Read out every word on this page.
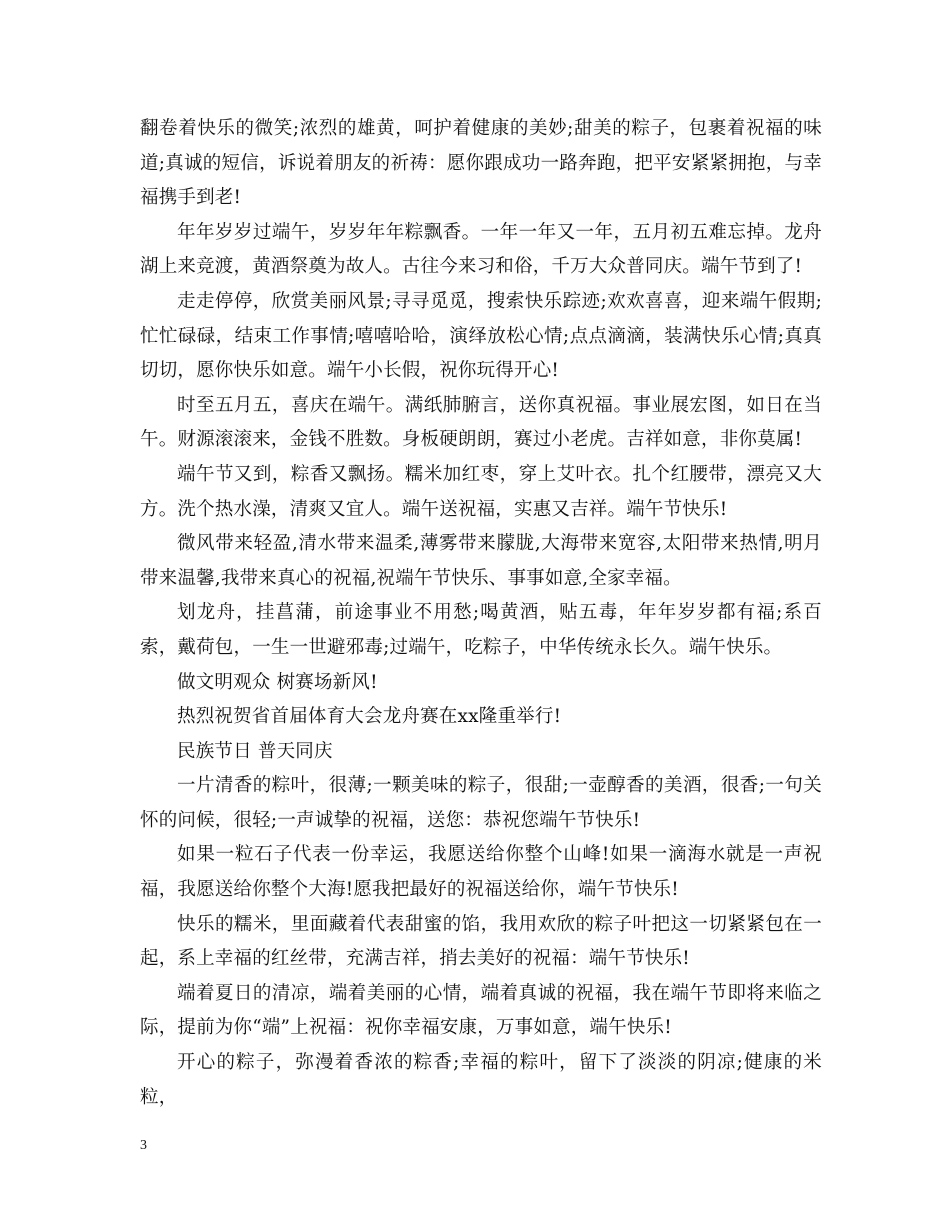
翻卷着快乐的微笑;浓烈的雄黄，呵护着健康的美妙;甜美的粽子，包裹着祝福的味道;真诚的短信，诉说着朋友的祈祷：愿你跟成功一路奔跑，把平安紧紧拥抱，与幸福携手到老!

年年岁岁过端午，岁岁年年粽飘香。一年一年又一年，五月初五难忘掉。龙舟湖上来竞渡，黄酒祭奠为故人。古往今来习和俗，千万大众普同庆。端午节到了!

走走停停，欣赏美丽风景;寻寻觅觅，搜索快乐踪迹;欢欢喜喜，迎来端午假期;忙忙碌碌，结束工作事情;嘻嘻哈哈，演绎放松心情;点点滴滴，装满快乐心情;真真切切，愿你快乐如意。端午小长假，祝你玩得开心!

时至五月五，喜庆在端午。满纸肺腑言，送你真祝福。事业展宏图，如日在当午。财源滚滚来，金钱不胜数。身板硬朗朗，赛过小老虎。吉祥如意，非你莫属!

端午节又到，粽香又飘扬。糯米加红枣，穿上艾叶衣。扎个红腰带，漂亮又大方。洗个热水澡，清爽又宜人。端午送祝福，实惠又吉祥。端午节快乐!

微风带来轻盈,清水带来温柔,薄雾带来朦胧,大海带来宽容,太阳带来热情,明月带来温馨,我带来真心的祝福,祝端午节快乐、事事如意,全家幸福。

划龙舟，挂菖蒲，前途事业不用愁;喝黄酒，贴五毒，年年岁岁都有福;系百索，戴荷包，一生一世避邪毒;过端午，吃粽子，中华传统永长久。端午快乐。

做文明观众 树赛场新风!

热烈祝贺省首届体育大会龙舟赛在xx隆重举行!

民族节日 普天同庆

一片清香的粽叶，很薄;一颗美味的粽子，很甜;一壶醇香的美酒，很香;一句关怀的问候，很轻;一声诚挚的祝福，送您：恭祝您端午节快乐!

如果一粒石子代表一份幸运，我愿送给你整个山峰!如果一滴海水就是一声祝福，我愿送给你整个大海!愿我把最好的祝福送给你，端午节快乐!

快乐的糯米，里面藏着代表甜蜜的馅，我用欢欣的粽子叶把这一切紧紧包在一起，系上幸福的红丝带，充满吉祥，捎去美好的祝福：端午节快乐!

端着夏日的清凉，端着美丽的心情，端着真诚的祝福，我在端午节即将来临之际，提前为你“端”上祝福：祝你幸福安康，万事如意，端午快乐!

开心的粽子，弥漫着香浓的粽香;幸福的粽叶，留下了淡淡的阴凉;健康的米粒，

3
